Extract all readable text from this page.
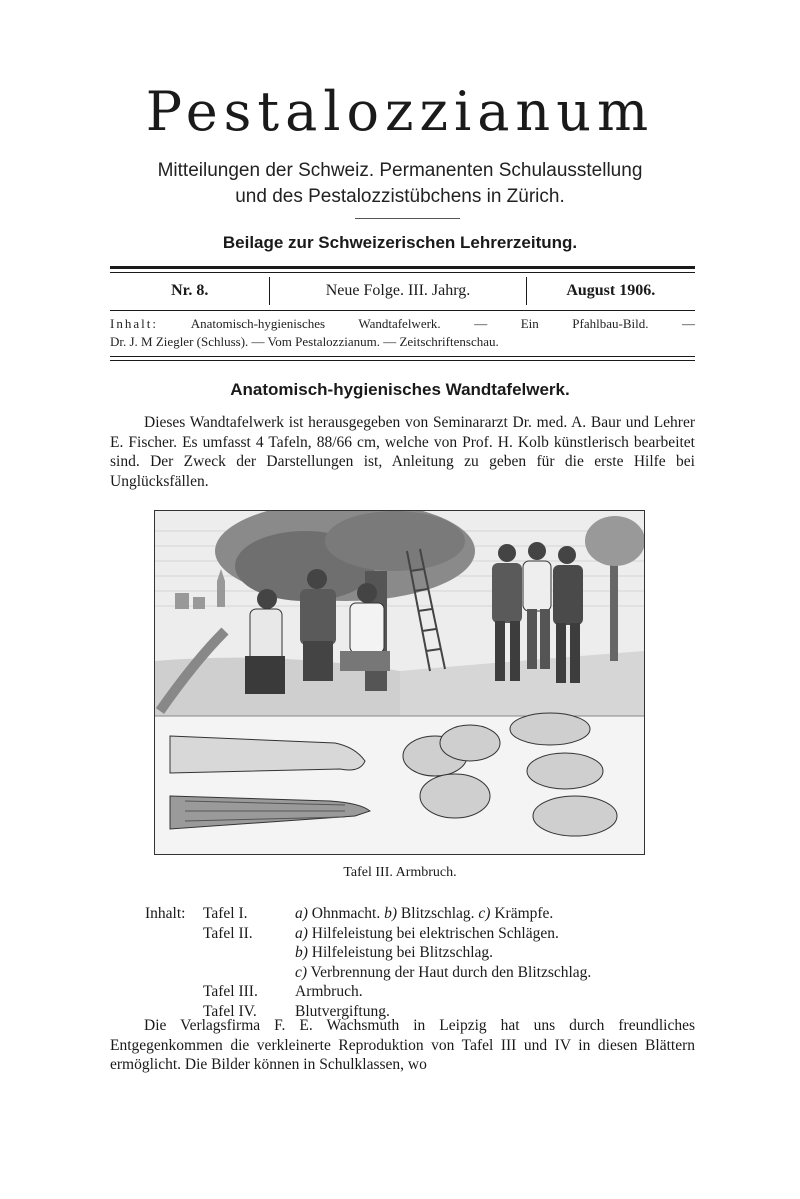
Pestalozzianum
Mitteilungen der Schweiz. Permanenten Schulausstellung
und des Pestalozzistübchens in Zürich.
Beilage zur Schweizerischen Lehrerzeitung.
Nr. 8.	Neue Folge. III. Jahrg.	August 1906.
Inhalt:	Anatomisch-hygienisches Wandtafelwerk. — Ein Pfahlbau-Bild. —
Dr. J. M Ziegler (Schluss). — Vom Pestalozzianum. — Zeitschriftenschau.
Anatomisch-hygienisches Wandtafelwerk.
Dieses Wandtafelwerk ist herausgegeben von Seminararzt Dr. med. A. Baur und Lehrer E. Fischer. Es umfasst 4 Tafeln, 88/66 cm, welche von Prof. H. Kolb künstlerisch bearbeitet sind. Der Zweck der Darstellungen ist, Anleitung zu geben für die erste Hilfe bei Unglücksfällen.
Tafel III. Armbruch.
Inhalt: Tafel I.	a) Ohnmacht. b) Blitzschlag. c) Krämpfe.
Tafel II.	a) Hilfeleistung bei elektrischen Schlägen.
b) Hilfeleistung bei Blitzschlag.
c) Verbrennung der Haut durch den Blitzschlag.
Tafel III. Armbruch.
Tafel IV. Blutvergiftung.
Die Verlagsfirma F. E. Wachsmuth in Leipzig hat uns durch freundliches Entgegenkommen die verkleinerte Reproduktion von Tafel III und IV in diesen Blättern ermöglicht. Die Bilder können in Schulklassen, wo
